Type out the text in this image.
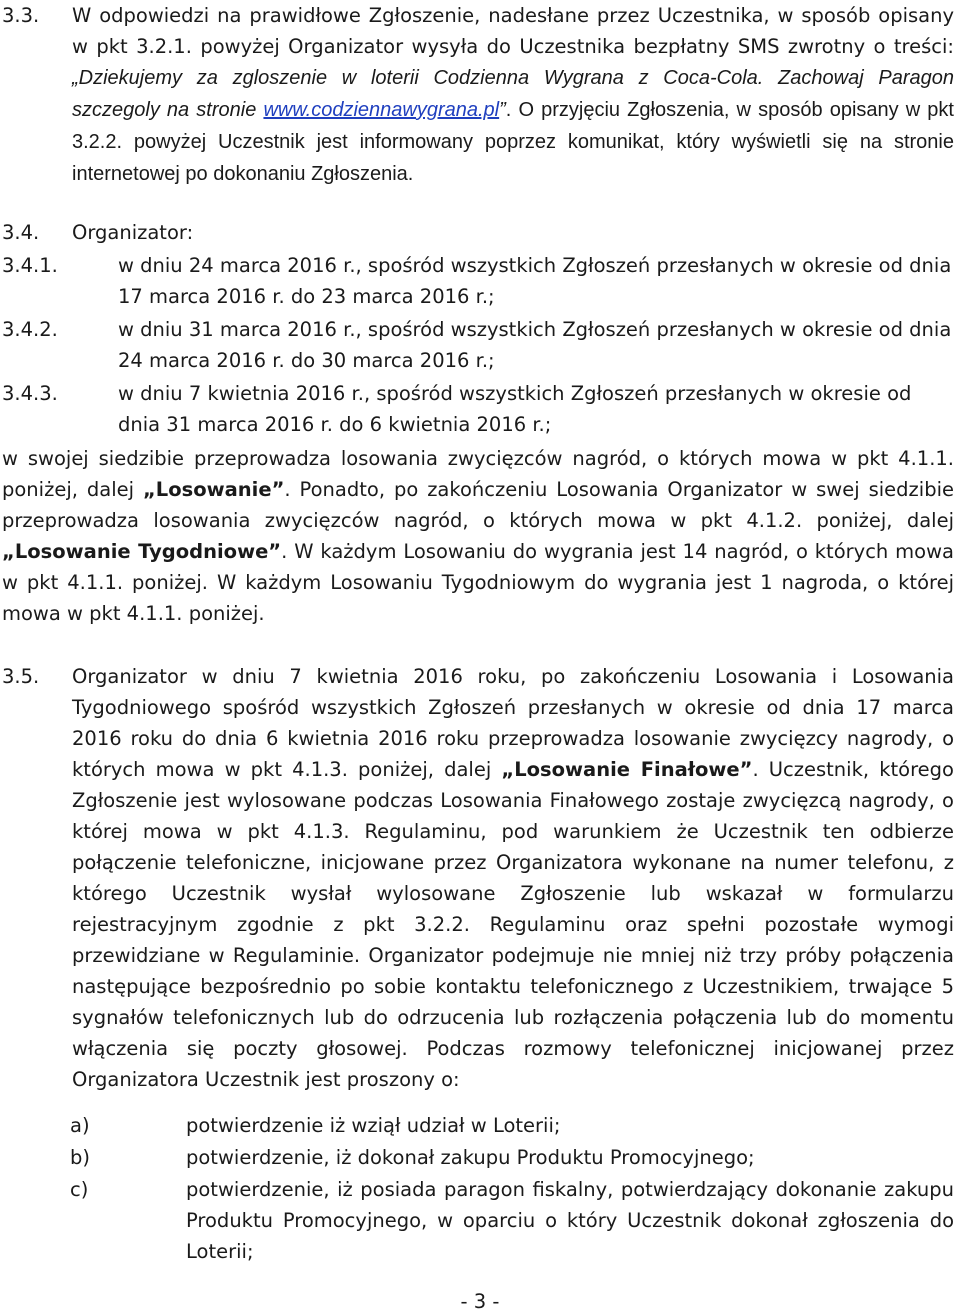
3.3. W odpowiedzi na prawidłowe Zgłoszenie, nadesłane przez Uczestnika, w sposób opisany w pkt 3.2.1. powyżej Organizator wysyła do Uczestnika bezpłatny SMS zwrotny o treści: „Dziekujemy za zgloszenie w loterii Codzienna Wygrana z Coca-Cola. Zachowaj Paragon szczegoly na stronie www.codziennawygrana.pl”. O przyjęciu Zgłoszenia, w sposób opisany w pkt 3.2.2. powyżej Uczestnik jest informowany poprzez komunikat, który wyświetli się na stronie internetowej po dokonaniu Zgłoszenia.
3.4. Organizator:
3.4.1.	w dniu 24 marca 2016 r., spośród wszystkich Zgłoszeń przesłanych w okresie od dnia 17 marca 2016 r. do 23 marca 2016 r.;
3.4.2.	w dniu 31 marca 2016 r., spośród wszystkich Zgłoszeń przesłanych w okresie od dnia 24 marca 2016 r. do 30 marca 2016 r.;
3.4.3.	w dniu 7 kwietnia 2016 r., spośród wszystkich Zgłoszeń przesłanych w okresie od dnia 31 marca 2016 r. do 6 kwietnia 2016 r.;
w swojej siedzibie przeprowadza losowania zwycięzców nagród, o których mowa w pkt 4.1.1. poniżej, dalej „Losowanie”. Ponadto, po zakończeniu Losowania Organizator w swej siedzibie przeprowadza losowania zwycięzców nagród, o których mowa w pkt 4.1.2. poniżej, dalej „Losowanie Tygodniowe”. W każdym Losowaniu do wygrania jest 14 nagród, o których mowa w pkt 4.1.1. poniżej. W każdym Losowaniu Tygodniowym do wygrania jest 1 nagroda, o której mowa w pkt 4.1.1. poniżej.
3.5. Organizator w dniu 7 kwietnia 2016 roku, po zakończeniu Losowania i Losowania Tygodniowego spośród wszystkich Zgłoszeń przesłanych w okresie od dnia 17 marca 2016 roku do dnia 6 kwietnia 2016 roku przeprowadza losowanie zwycięzcy nagrody, o których mowa w pkt 4.1.3. poniżej, dalej „Losowanie Finałowe”. Uczestnik, którego Zgłoszenie jest wylosowane podczas Losowania Finałowego zostaje zwycięzcą nagrody, o której mowa w pkt 4.1.3. Regulaminu, pod warunkiem że Uczestnik ten odbierze połączenie telefoniczne, inicjowane przez Organizatora wykonane na numer telefonu, z którego Uczestnik wysłał wylosowane Zgłoszenie lub wskazał w formularzu rejestracyjnym zgodnie z pkt 3.2.2. Regulaminu oraz spełni pozostałe wymogi przewidziane w Regulaminie. Organizator podejmuje nie mniej niż trzy próby połączenia następujące bezpośrednio po sobie kontaktu telefonicznego z Uczestnikiem, trwające 5 sygnałów telefonicznych lub do odrzucenia lub rozłączenia połączenia lub do momentu włączenia się poczty głosowej. Podczas rozmowy telefonicznej inicjowanej przez Organizatora Uczestnik jest proszony o:
a)	potwierdzenie iż wziął udział w Loterii;
b)	potwierdzenie, iż dokonał zakupu Produktu Promocyjnego;
c)	potwierdzenie, iż posiada paragon fiskalny, potwierdzający dokonanie zakupu Produktu Promocyjnego, w oparciu o który Uczestnik dokonał zgłoszenia do Loterii;
- 3 -
